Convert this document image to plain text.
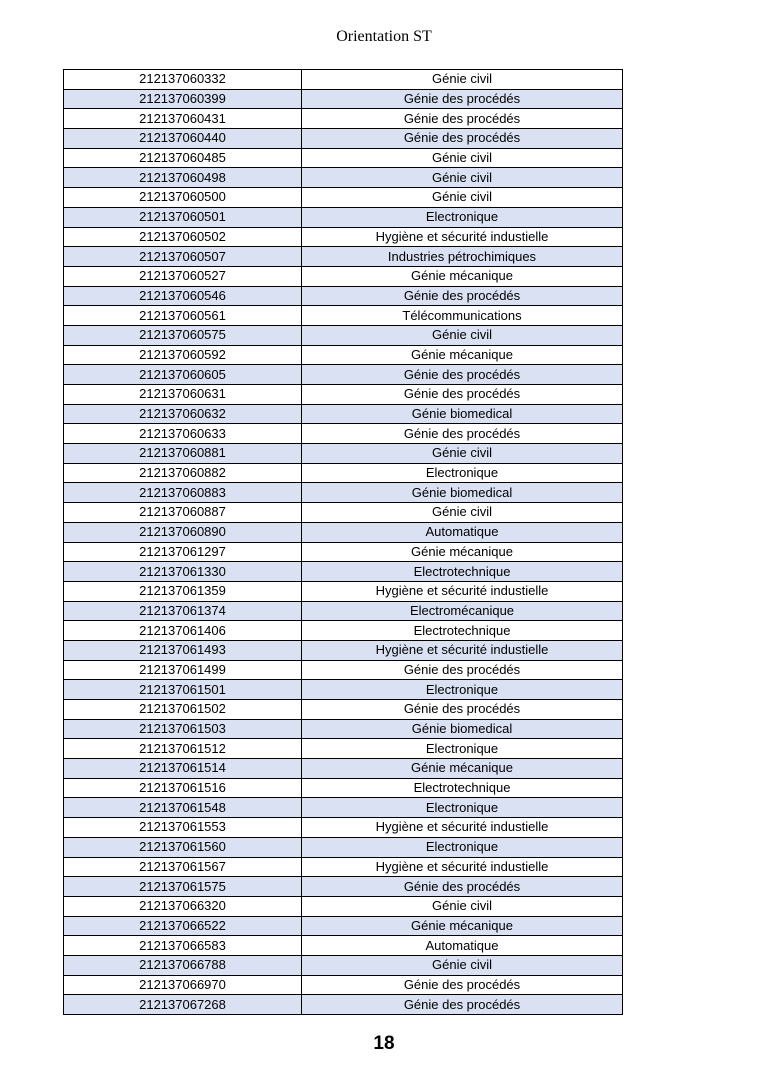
Orientation ST
212137060332	Génie civil
212137060399	Génie des procédés
212137060431	Génie des procédés
212137060440	Génie des procédés
212137060485	Génie civil
212137060498	Génie civil
212137060500	Génie civil
212137060501	Electronique
212137060502	Hygiène et sécurité industielle
212137060507	Industries pétrochimiques
212137060527	Génie mécanique
212137060546	Génie des procédés
212137060561	Télécommunications
212137060575	Génie civil
212137060592	Génie mécanique
212137060605	Génie des procédés
212137060631	Génie des procédés
212137060632	Génie biomedical
212137060633	Génie des procédés
212137060881	Génie civil
212137060882	Electronique
212137060883	Génie biomedical
212137060887	Génie civil
212137060890	Automatique
212137061297	Génie mécanique
212137061330	Electrotechnique
212137061359	Hygiène et sécurité industielle
212137061374	Electromécanique
212137061406	Electrotechnique
212137061493	Hygiène et sécurité industielle
212137061499	Génie des procédés
212137061501	Electronique
212137061502	Génie des procédés
212137061503	Génie biomedical
212137061512	Electronique
212137061514	Génie mécanique
212137061516	Electrotechnique
212137061548	Electronique
212137061553	Hygiène et sécurité industielle
212137061560	Electronique
212137061567	Hygiène et sécurité industielle
212137061575	Génie des procédés
212137066320	Génie civil
212137066522	Génie mécanique
212137066583	Automatique
212137066788	Génie civil
212137066970	Génie des procédés
212137067268	Génie des procédés
18
